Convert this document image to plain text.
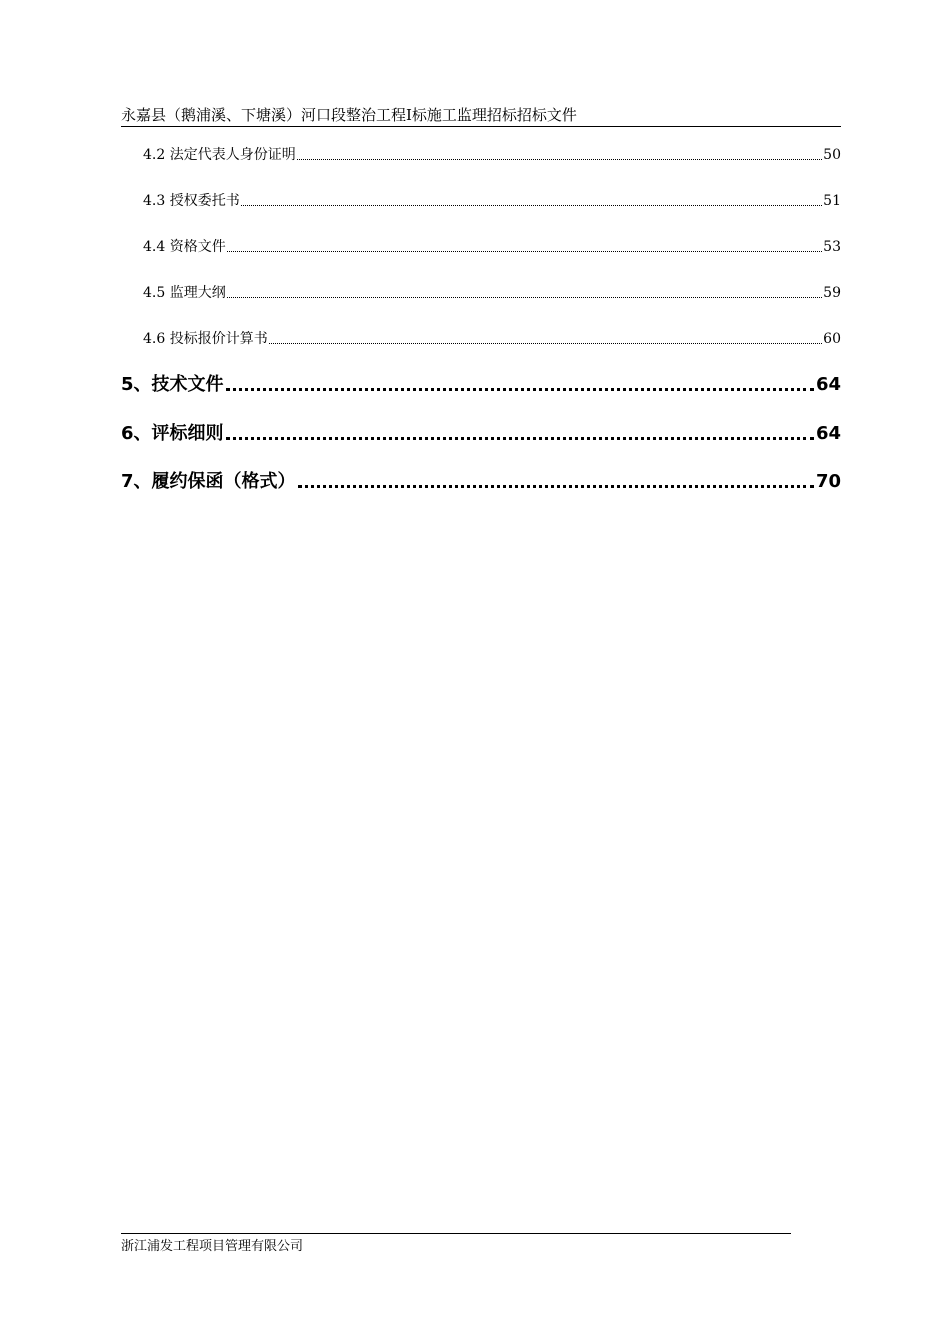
永嘉县（鹅浦溪、下塘溪）河口段整治工程Ⅰ标施工监理招标招标文件
4.2 法定代表人身份证明	50
4.3 授权委托书	51
4.4 资格文件	53
4.5 监理大纲	59
4.6 投标报价计算书	60
5、技术文件	64
6、评标细则	64
7、履约保函（格式）	70
浙江浦发工程项目管理有限公司
